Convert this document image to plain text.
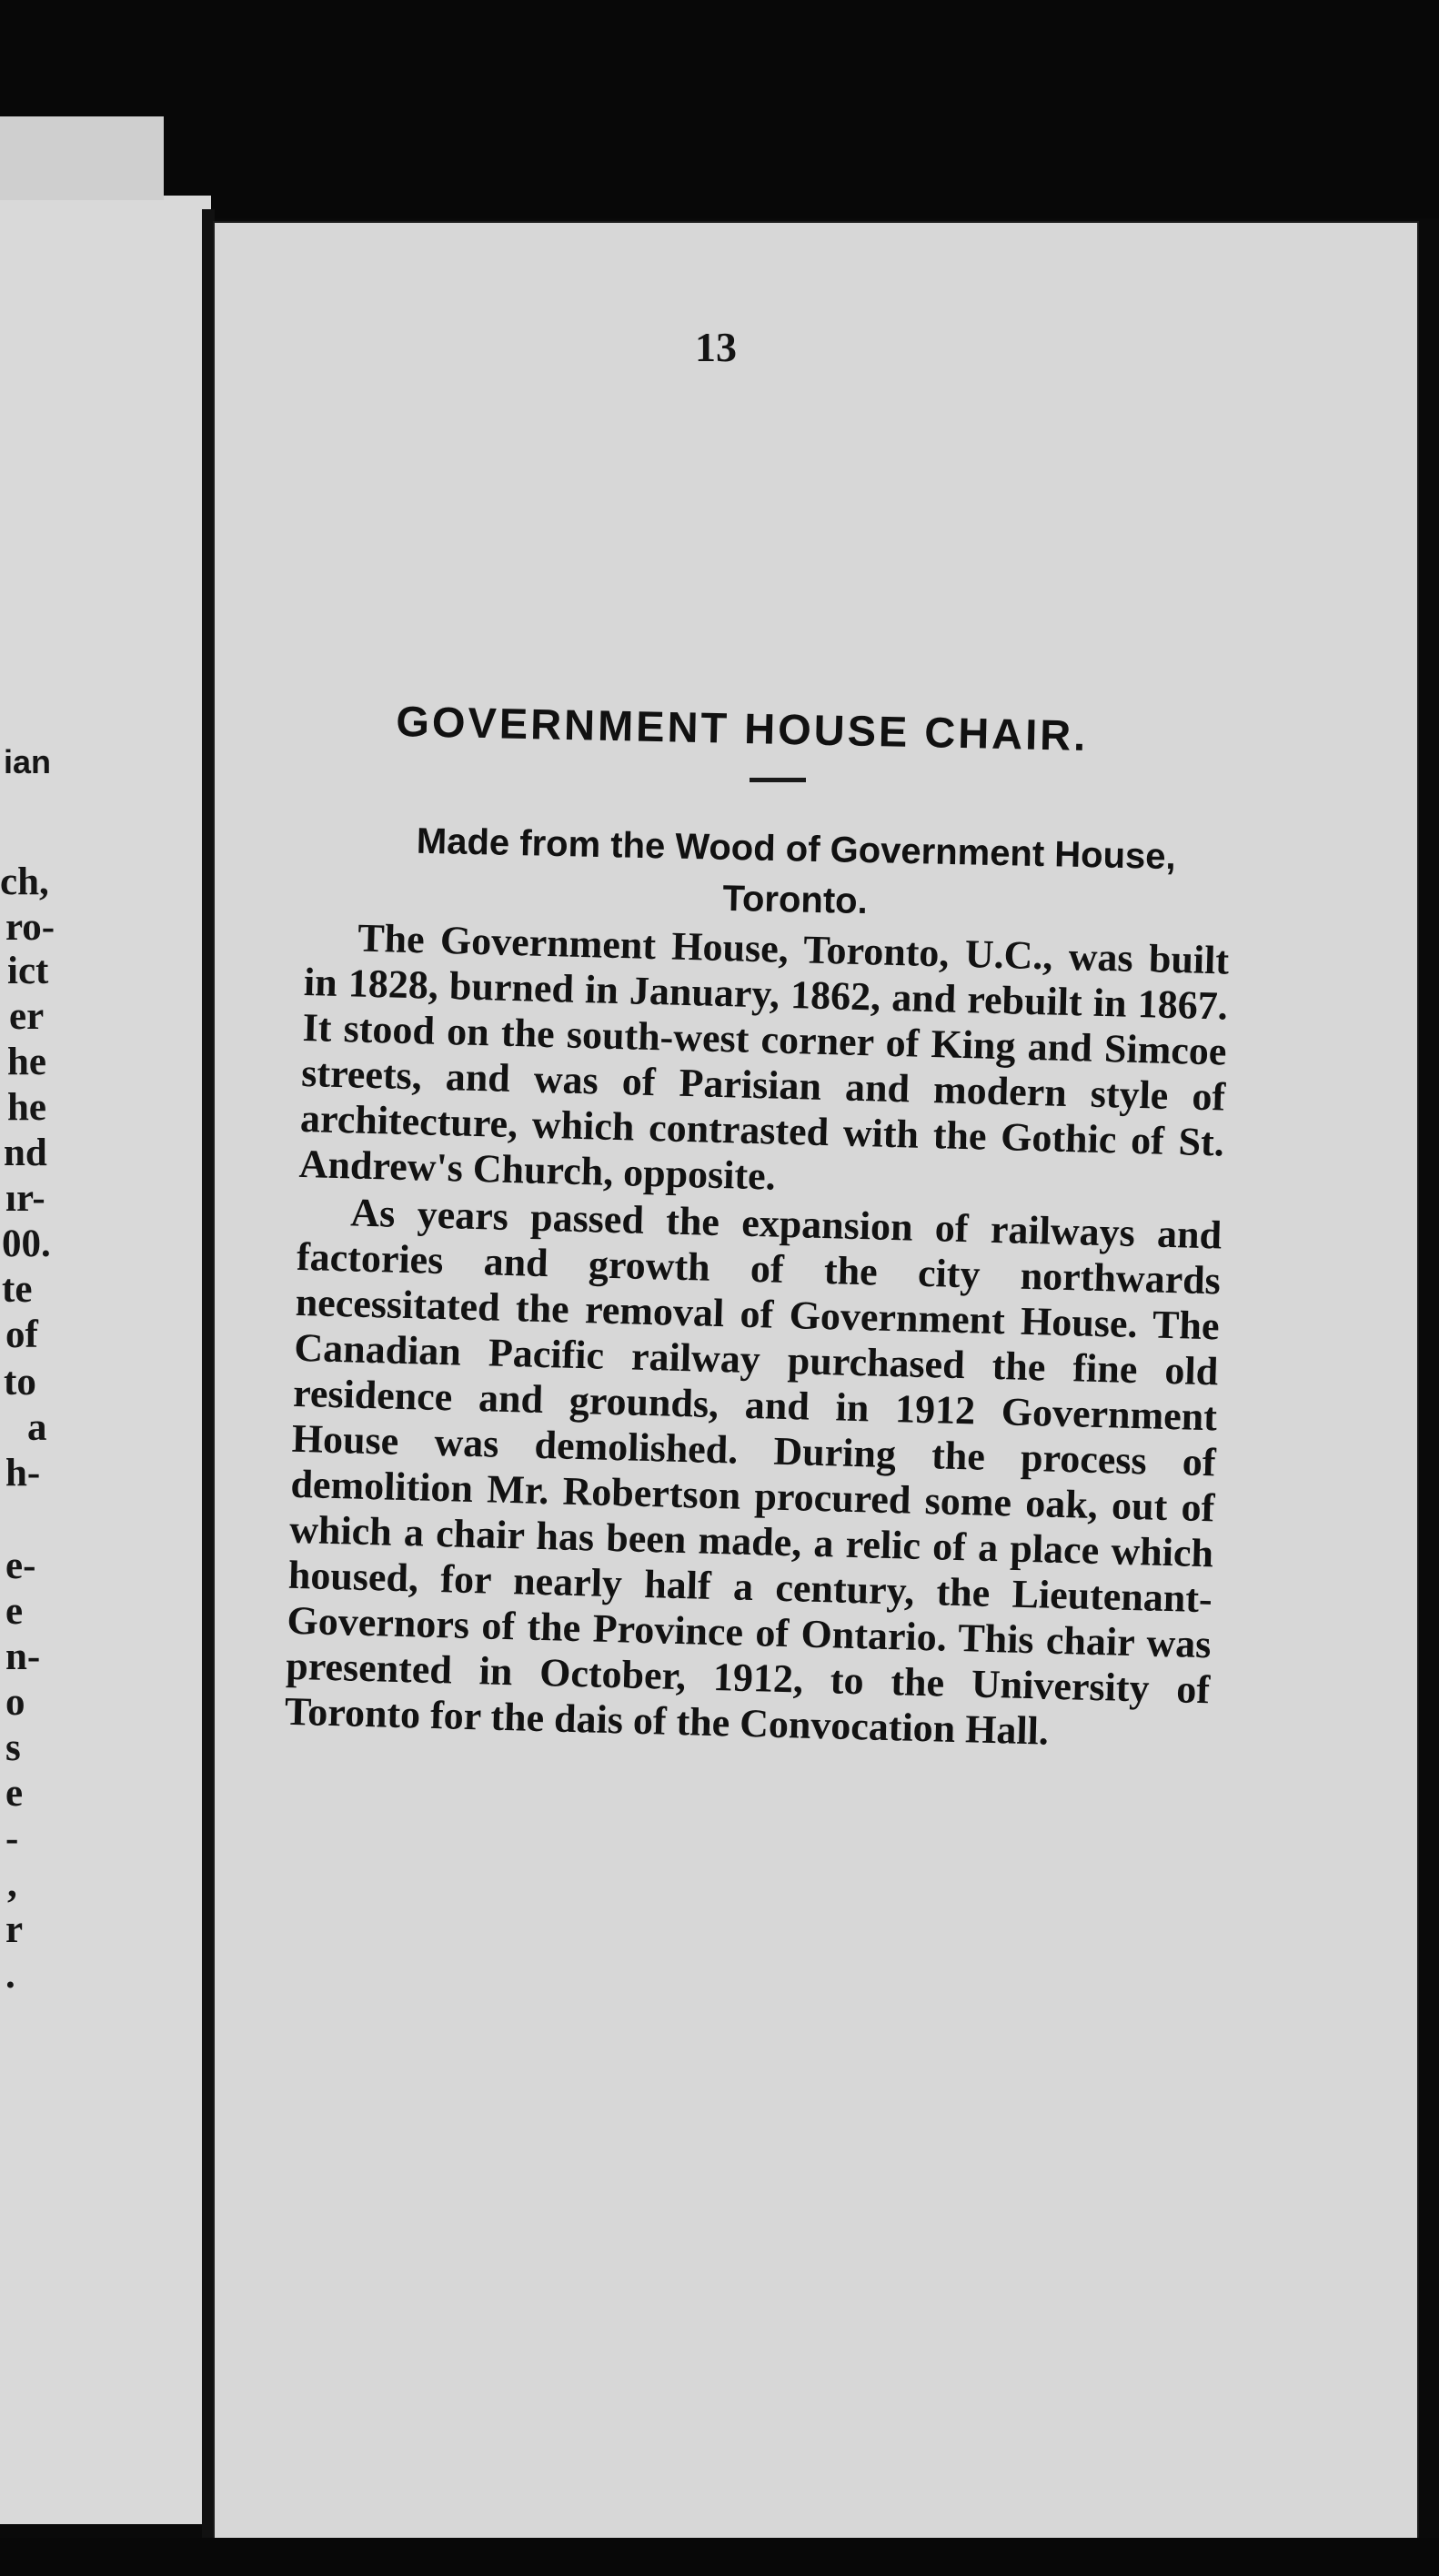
ian
ch,
ro-
ict
er
he
he
nd
ır-
00.
te
of
to
a
h-
e-
e
n-
o
s
e
-
,
r
.
13
GOVERNMENT HOUSE CHAIR.
Made from the Wood of Government House, Toronto.

The Government House, Toronto, U.C., was built in 1828, burned in January, 1862, and rebuilt in 1867. It stood on the south-west corner of King and Simcoe streets, and was of Parisian and modern style of architecture, which contrasted with the Gothic of St. Andrew's Church, opposite.

As years passed the expansion of railways and factories and growth of the city northwards necessitated the removal of Government House. The Canadian Pacific railway purchased the fine old residence and grounds, and in 1912 Government House was demolished. During the process of demolition Mr. Robertson procured some oak, out of which a chair has been made, a relic of a place which housed, for nearly half a century, the Lieutenant-Governors of the Province of Ontario. This chair was presented in October, 1912, to the University of Toronto for the dais of the Convocation Hall.
